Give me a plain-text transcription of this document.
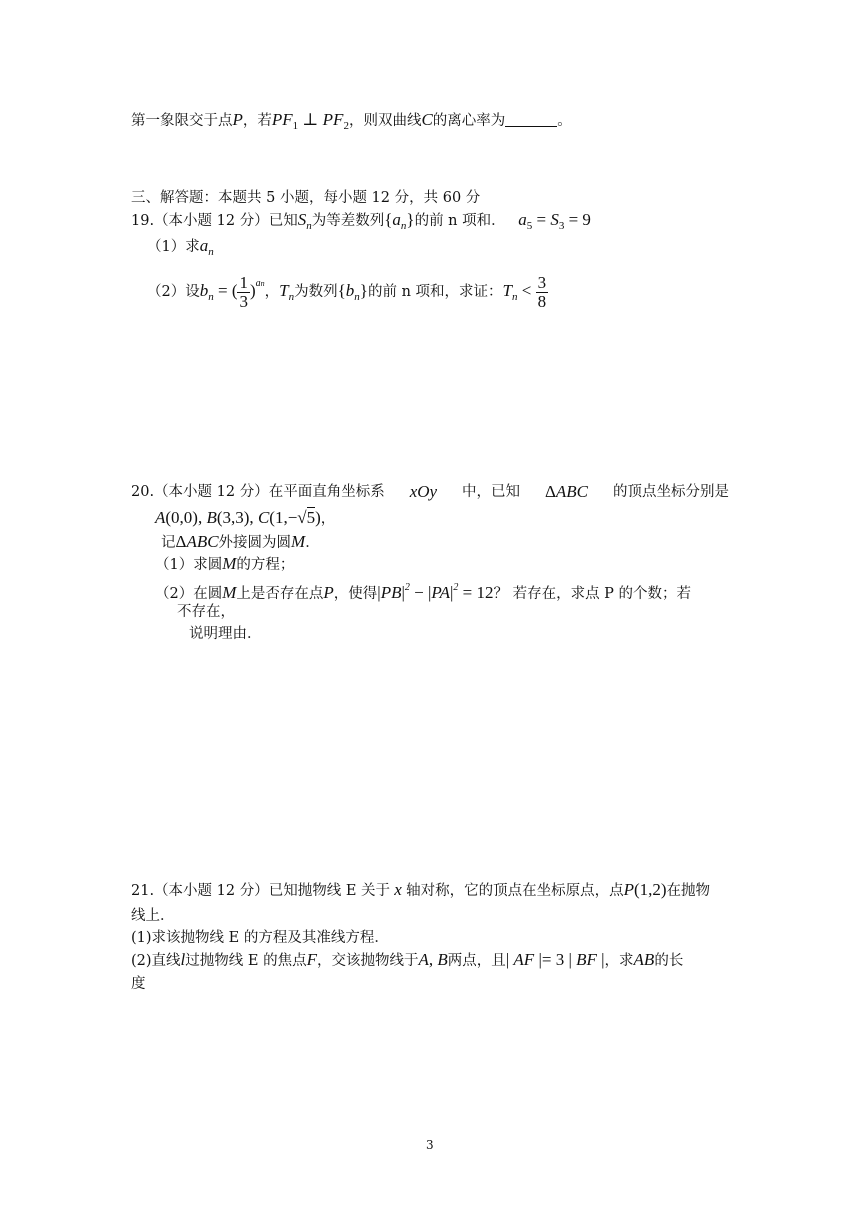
第一象限交于点P，若$PF_1$ ⊥ $PF_2$，则双曲线C的离心率为	。
三、解答题：本题共 5 小题，每小题 12 分，共 60 分
19.（本小题 12 分）已知$S_n$为等差数列$\{a_n\}$的前 n 项和． $a_5 = S_3 = 9$
（1）求$a_n$
（2）设$b_n$ = ( $\frac{1}{3} )^{an}$，$T_n$为数列$\{b_n\}$的前 n 项和，求证：$T_n < \frac{3}{8}$
20.（本小题 12 分）在平面直角坐标系 xOy 中，已知 ΔABC 的顶点坐标分别是
A(0,0), B(3,3), C(1,−√5)，
记ΔABC外接圆为圆M．
（1）求圆M的方程；
（2）在圆M上是否存在点P，使得$|PB|^2 - |PA|^2 = 12$？ 若存在，求点 P 的个数；若
不存在，
说明理由．
21.（本小题 12 分）已知抛物线 E 关于 x 轴对称，它的顶点在坐标原点，点P(1,2)在抛物
线上．
(1)求该抛物线 E 的方程及其准线方程．
(2)直线l过抛物线 E 的焦点F，交该抛物线于A, B两点，且| AF |= 3 | BF |，求AB的长
度
3
